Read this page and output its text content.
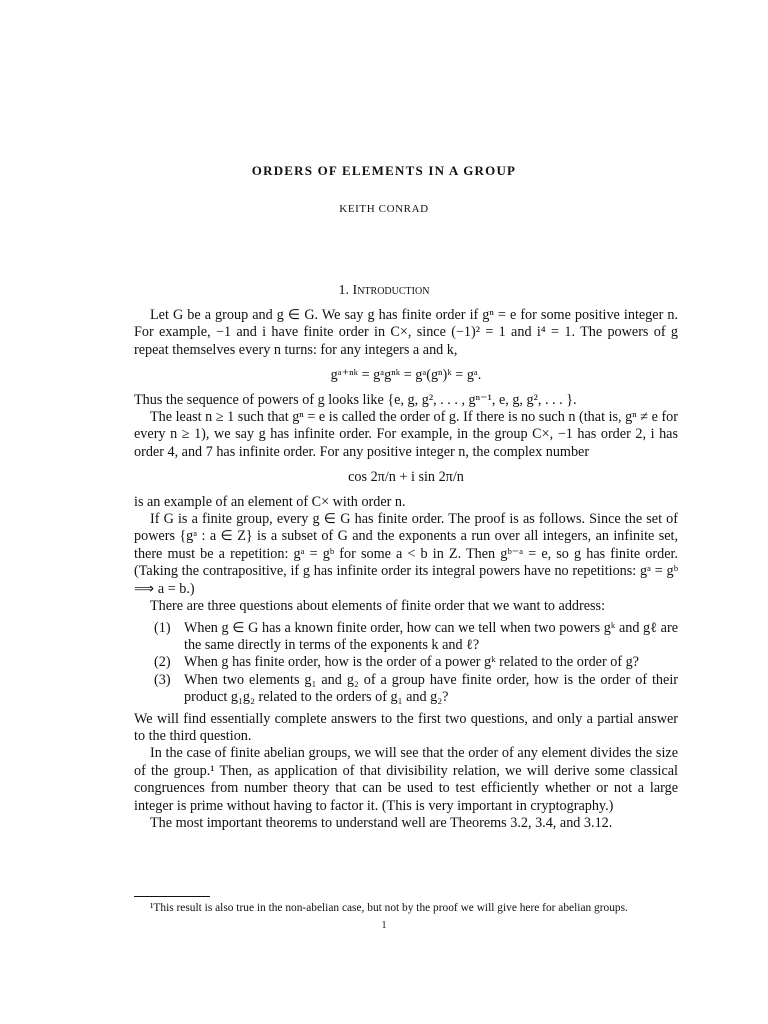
ORDERS OF ELEMENTS IN A GROUP
KEITH CONRAD
1. Introduction

Let G be a group and g ∈ G. We say g has finite order if gⁿ = e for some positive integer n. For example, −1 and i have finite order in C×, since (−1)² = 1 and i⁴ = 1. The powers of g repeat themselves every n turns: for any integers a and k,

gᵃ⁺ⁿᵏ = gᵃgⁿᵏ = gᵃ(gⁿ)ᵏ = gᵃ.

Thus the sequence of powers of g looks like {e, g, g², . . . , gⁿ⁻¹, e, g, g², . . . }.

The least n ≥ 1 such that gⁿ = e is called the order of g. If there is no such n (that is, gⁿ ≠ e for every n ≥ 1), we say g has infinite order. For example, in the group C×, −1 has order 2, i has order 4, and 7 has infinite order. For any positive integer n, the complex number

cos 2π/n + i sin 2π/n

is an example of an element of C× with order n.

If G is a finite group, every g ∈ G has finite order. The proof is as follows. Since the set of powers {gᵃ : a ∈ Z} is a subset of G and the exponents a run over all integers, an infinite set, there must be a repetition: gᵃ = gᵇ for some a < b in Z. Then gᵇ⁻ᵃ = e, so g has finite order. (Taking the contrapositive, if g has infinite order its integral powers have no repetitions: gᵃ = gᵇ ⟹ a = b.)

There are three questions about elements of finite order that we want to address:

(1) When g ∈ G has a known finite order, how can we tell when two powers gᵏ and gℓ are the same directly in terms of the exponents k and ℓ?
(2) When g has finite order, how is the order of a power gᵏ related to the order of g?
(3) When two elements g₁ and g₂ of a group have finite order, how is the order of their product g₁g₂ related to the orders of g₁ and g₂?

We will find essentially complete answers to the first two questions, and only a partial answer to the third question.

In the case of finite abelian groups, we will see that the order of any element divides the size of the group.¹ Then, as application of that divisibility relation, we will derive some classical congruences from number theory that can be used to test efficiently whether or not a large integer is prime without having to factor it. (This is very important in cryptography.)

The most important theorems to understand well are Theorems 3.2, 3.4, and 3.12.

¹This result is also true in the non-abelian case, but not by the proof we will give here for abelian groups.
1
